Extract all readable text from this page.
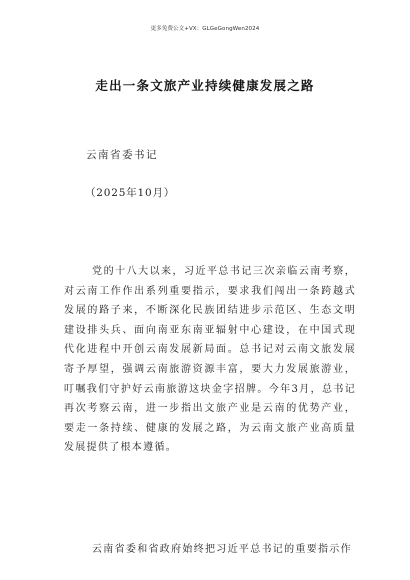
更多免费公文+VX：GLGeGongWen2024
走出一条文旅产业持续健康发展之路
云南省委书记
（2025年10月）

党的十八大以来，习近平总书记三次亲临云南考察，对云南工作作出系列重要指示，要求我们闯出一条跨越式发展的路子来，不断深化民族团结进步示范区、生态文明建设排头兵、面向南亚东南亚辐射中心建设，在中国式现代化进程中开创云南发展新局面。总书记对云南文旅发展寄予厚望，强调云南旅游资源丰富，要大力发展旅游业，叮嘱我们守护好云南旅游这块金字招牌。今年3月，总书记再次考察云南，进一步指出文旅产业是云南的优势产业，要走一条持续、健康的发展之路，为云南文旅产业高质量发展提供了根本遵循。

云南省委和省政府始终把习近平总书记的重要指示作
